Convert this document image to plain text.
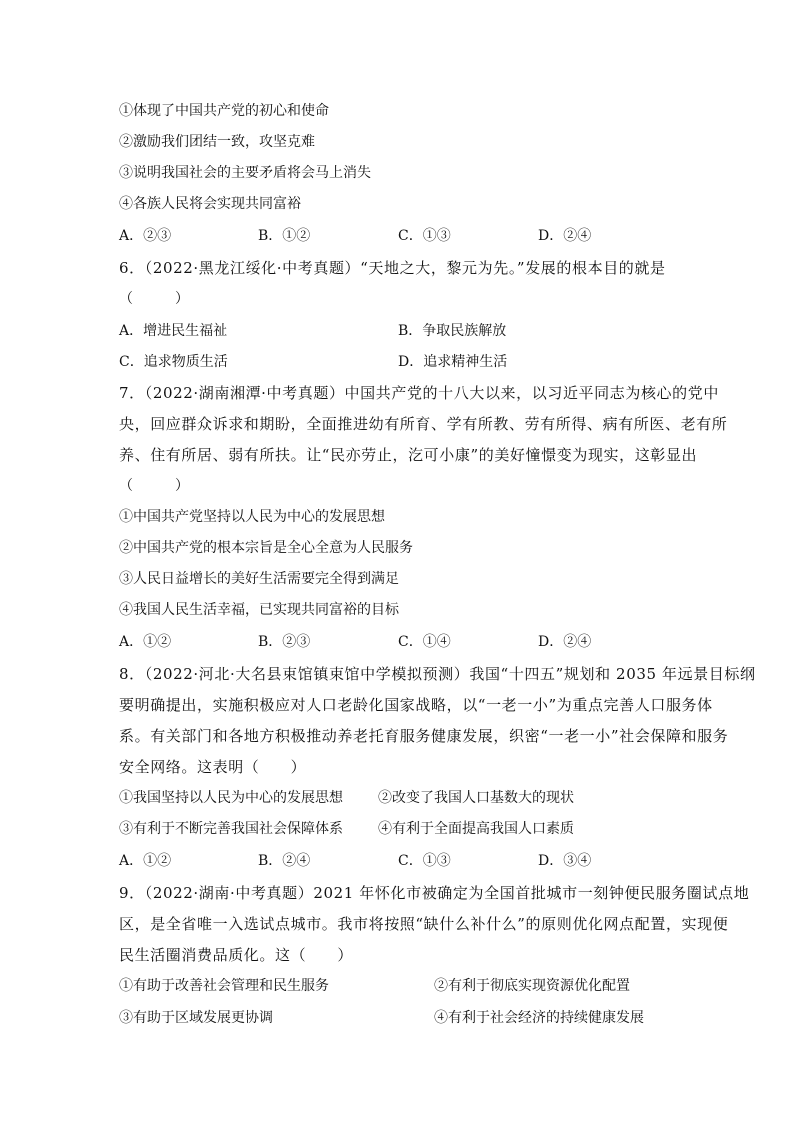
①体现了中国共产党的初心和使命
②激励我们团结一致，攻坚克难
③说明我国社会的主要矛盾将会马上消失
④各族人民将会实现共同富裕
A．②③	B．①②	C．①③	D．②④
6．（2022·黑龙江绥化·中考真题）“天地之大，黎元为先。”发展的根本目的就是
（　　　）
A．增进民生福祉	B．争取民族解放
C．追求物质生活	D．追求精神生活
7．（2022·湖南湘潭·中考真题）中国共产党的十八大以来，以习近平同志为核心的党中
央，回应群众诉求和期盼，全面推进幼有所育、学有所教、劳有所得、病有所医、老有所
养、住有所居、弱有所扶。让“民亦劳止，汔可小康”的美好憧憬变为现实，这彰显出
（　　　）
①中国共产党坚持以人民为中心的发展思想
②中国共产党的根本宗旨是全心全意为人民服务
③人民日益增长的美好生活需要完全得到满足
④我国人民生活幸福，已实现共同富裕的目标
A．①②	B．②③	C．①④	D．②④
8．（2022·河北·大名县束馆镇束馆中学模拟预测）我国“十四五”规划和 2035 年远景目标纲
要明确提出，实施积极应对人口老龄化国家战略，以“一老一小”为重点完善人口服务体
系。有关部门和各地方积极推动养老托育服务健康发展，织密“一老一小”社会保障和服务
安全网络。这表明（　　）
①我国坚持以人民为中心的发展思想	②改变了我国人口基数大的现状
③有利于不断完善我国社会保障体系	④有利于全面提高我国人口素质
A．①②	B．②④	C．①③	D．③④
9．（2022·湖南·中考真题）2021 年怀化市被确定为全国首批城市一刻钟便民服务圈试点地
区，是全省唯一入选试点城市。我市将按照“缺什么补什么”的原则优化网点配置，实现便
民生活圈消费品质化。这（　　）
①有助于改善社会管理和民生服务	②有利于彻底实现资源优化配置
③有助于区域发展更协调	④有利于社会经济的持续健康发展
